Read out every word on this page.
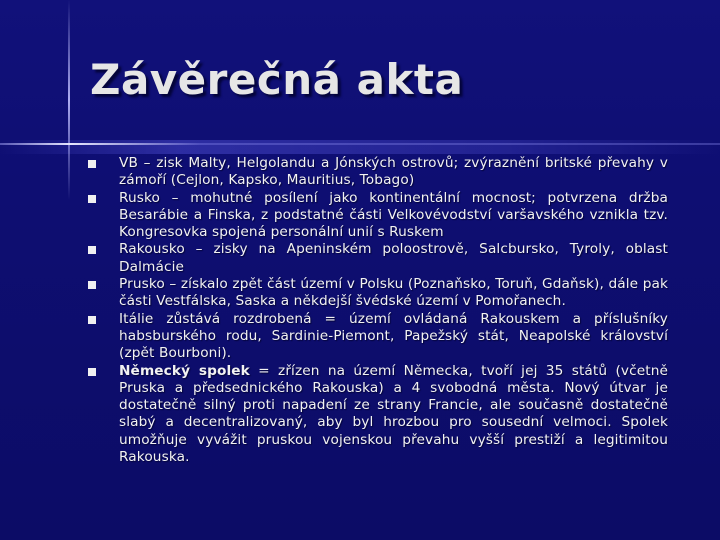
Závěrečná akta
VB – zisk Malty, Helgolandu a Jónských ostrovů; zvýraznění britské převahy v zámoří (Cejlon, Kapsko, Mauritius, Tobago)
Rusko – mohutné posílení jako kontinentální mocnost; potvrzena držba Besarábie a Finska, z podstatné části Velkovévodství varšavského vznikla tzv. Kongresovka spojená personální unií s Ruskem
Rakousko – zisky na Apeninském poloostrově, Salcbursko, Tyroly, oblast Dalmácie
Prusko – získalo zpět část území v Polsku (Poznaňsko, Toruň, Gdaňsk), dále pak části Vestfálska, Saska a někdejší švédské území v Pomořanech.
Itálie zůstává rozdrobená = území ovládaná Rakouskem a příslušníky habsburského rodu, Sardinie-Piemont, Papežský stát, Neapolské království (zpět Bourboni).
Německý spolek = zřízen na území Německa, tvoří jej 35 států (včetně Pruska a předsednického Rakouska) a 4 svobodná města. Nový útvar je dostatečně silný proti napadení ze strany Francie, ale současně dostatečně slabý a decentralizovaný, aby byl hrozbou pro sousední velmoci. Spolek umožňuje vyvážit pruskou vojenskou převahu vyšší prestiží a legitimitou Rakouska.
